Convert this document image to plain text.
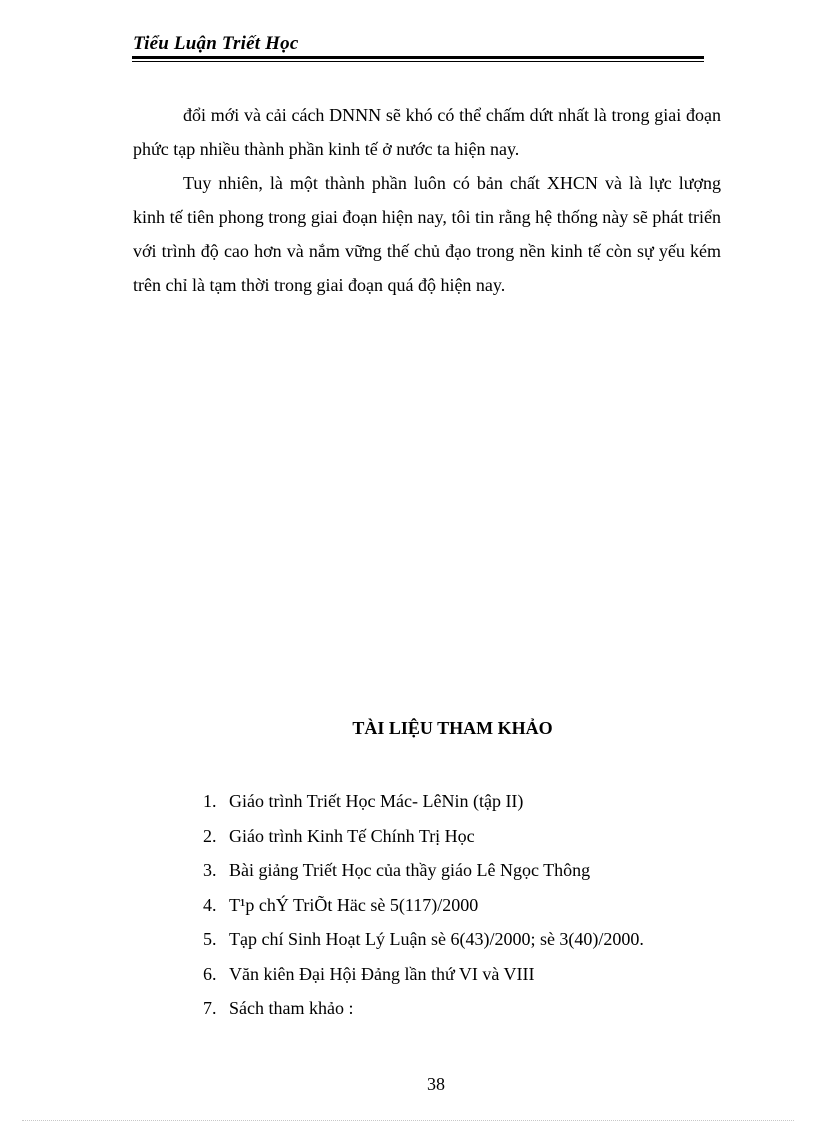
Tiểu Luận Triết Học

đổi mới và cải cách DNNN sẽ khó có thể chấm dứt nhất là trong giai đoạn phức tạp nhiều thành phần kinh tế ở nước ta hiện nay.

Tuy nhiên, là một thành phần luôn có bản chất XHCN và là lực lượng kinh tế tiên phong trong giai đoạn hiện nay, tôi tin rằng hệ thống này sẽ phát triển với trình độ cao hơn và nắm vững thế chủ đạo trong nền kinh tế còn sự yếu kém trên chỉ là tạm thời trong giai đoạn quá độ hiện nay.

TÀI LIỆU THAM KHẢO
1. Giáo trình Triết Học Mác- LêNin (tập II)
2. Giáo trình Kinh Tế Chính Trị Học
3. Bài giảng Triết Học của thầy giáo Lê Ngọc Thông
4. T¹p chÝ TriÕt Häc sè 5(117)/2000
5. Tạp chí Sinh Hoạt Lý Luận sè 6(43)/2000; sè 3(40)/2000.
6. Văn kiên Đại Hội Đảng lần thứ VI và VIII
7. Sách tham khảo :
38
